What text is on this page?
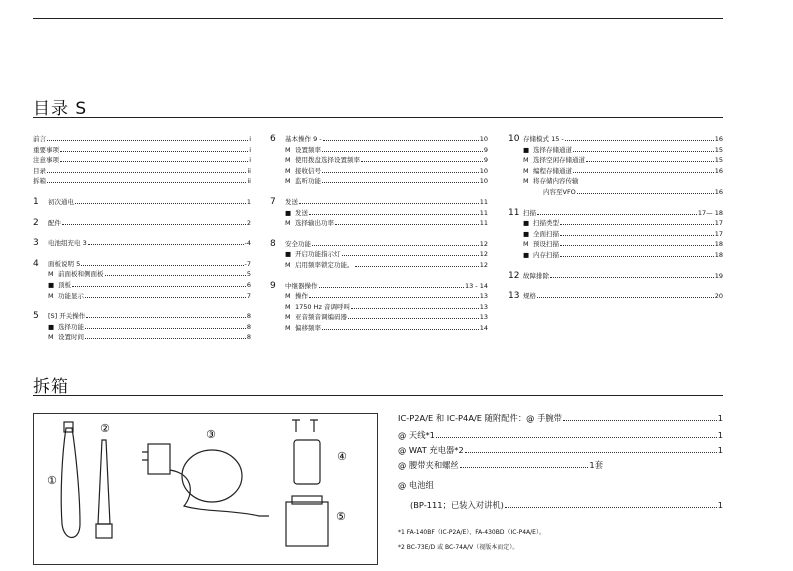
目录 S
前言	i
重要事项	i
注意事项	i
目录	ii
拆箱	ii
1	初次通电	1
2	配件	2
3	电池组充电 3	-4
4	面板说明 5	-7
M 前面板和侧面板	5
■ 顶板	6
M 功能显示	7
5	[S] 开关操作	8
■ 选择功能	8
M 设置时间	8
6	基本操作 9 -	10
M 设置频率	9
M 使用拨盘选择设置频率	9
M 接收信号	10
M 监听功能	10
7	发送	11
■ 发送	11
M 选择输出功率	11
8	安全功能	12
■ 开启功能指示灯	12
M 启用频率锁定功能。	12
9	中继器操作	13 - 14
M 操作	13
M 1750 Hz 音调呼叫	13
M 亚音频音调编码器	13
M 偏移频率	14
10 存储模式 15 -	16
■ 选择存储通道	15
M 选择空闲存储通道	15
M 编程存储通道	16
M 将存储内容传输
内容至VFO	16
11 扫描	17— 18
■ 扫描类型	17
■ 全面扫描	17
M 预设扫描	18
■ 内存扫描	18
12 故障排除	19
13 规格	20
拆箱
①
②	③
④
⑤
IC-P2A/E 和 IC-P4A/E 随附配件：@ 手腕带	1
@ 天线*1	1
@ WAT 充电器*2	1
@ 腰带夹和螺丝	1套
@ 电池组
(BP-111；已装入对讲机)	1
*1 FA-140BF（IC-P2A/E）、FA-430BD（IC-P4A/E）。
*2 BC-73E/D 或 BC-74A/V（视版本而定）。
